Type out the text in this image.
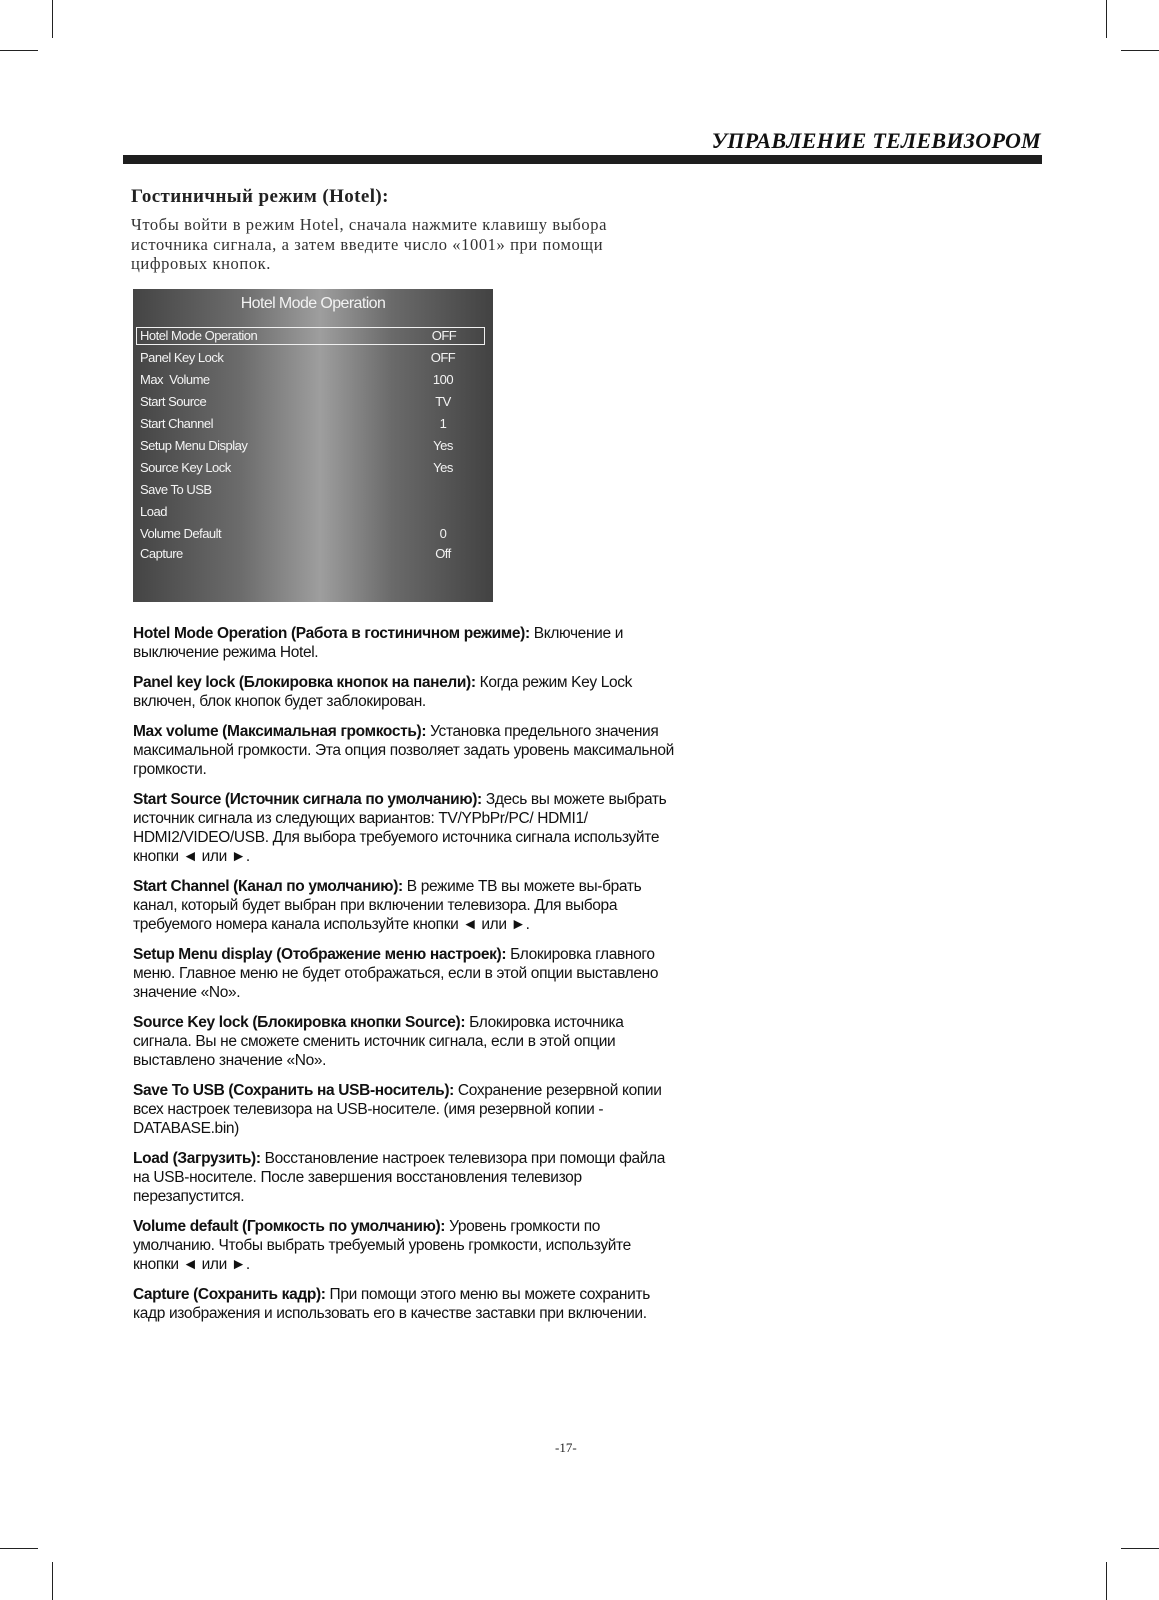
УПРАВЛЕНИЕ ТЕЛЕВИЗОРОМ
Гостиничный режим (Hotel):

Чтобы войти в режим Hotel, сначала нажмите клавишу выбора источника сигнала, а затем введите число «1001» при помощи цифровых кнопок.

Hotel Mode Operation
Hotel Mode Operation	OFF
Panel Key Lock	OFF
Max  Volume	100
Start Source	TV
Start Channel	1
Setup Menu Display	Yes
Source Key Lock	Yes
Save To USB
Load
Volume Default	0
Capture	Off

Hotel Mode Operation (Работа в гостиничном режиме): Включение и выключение режима Hotel.

Panel key lock (Блокировка кнопок на панели): Когда режим Key Lock включен, блок кнопок будет заблокирован.

Max volume (Максимальная громкость): Установка предельного значения максимальной громкости. Эта опция позволяет задать уровень максимальной громкости.

Start Source (Источник сигнала по умолчанию): Здесь вы можете выбрать источник сигнала из следующих вариантов: TV/YPbPr/PC/ HDMI1/ HDMI2/VIDEO/USB. Для выбора требуемого источника сигнала используйте кнопки ◄ или ►.

Start Channel (Канал по умолчанию): В режиме ТВ вы можете вы-брать канал, который будет выбран при включении телевизора. Для выбора требуемого номера канала используйте кнопки ◄ или ►.

Setup Menu display (Отображение меню настроек): Блокировка главного меню. Главное меню не будет отображаться, если в этой опции выставлено значение «No».

Source Key lock (Блокировка кнопки Source): Блокировка источника сигнала. Вы не сможете сменить источник сигнала, если в этой опции выставлено значение «No».

Save To USB (Сохранить на USB-носитель): Сохранение резервной копии всех настроек телевизора на USB-носителе. (имя резервной копии - DATABASE.bin)

Load (Загрузить): Восстановление настроек телевизора при помощи файла на USB-носителе. После завершения восстановления телевизор перезапустится.

Volume default (Громкость по умолчанию): Уровень громкости по умолчанию. Чтобы выбрать требуемый уровень громкости, используйте кнопки ◄ или ►.

Capture (Сохранить кадр): При помощи этого меню вы можете сохранить кадр изображения и использовать его в качестве заставки при включении.

-17-
